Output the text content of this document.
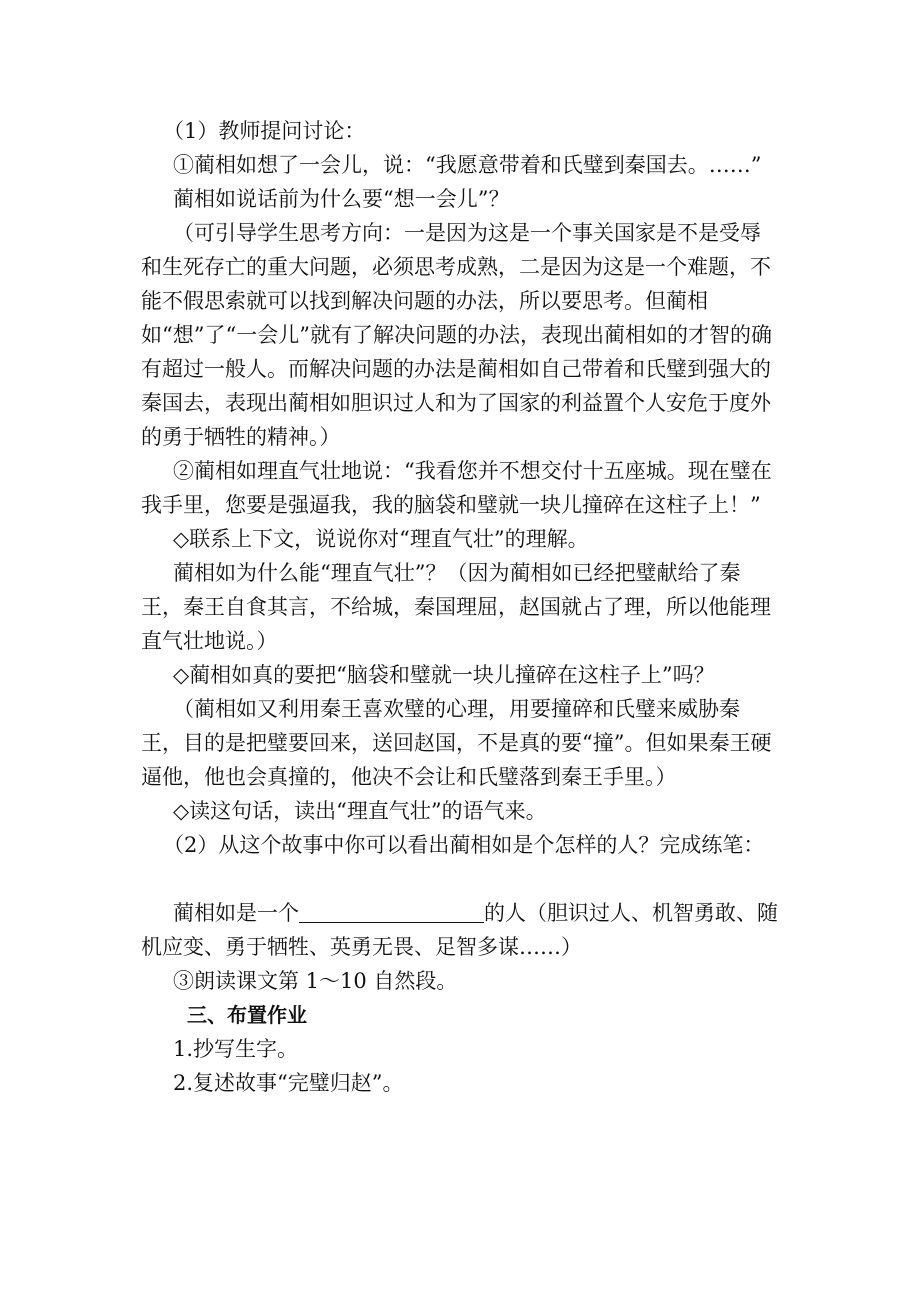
（1）教师提问讨论：

①蔺相如想了一会儿，说：“我愿意带着和氏璧到秦国去。……”

蔺相如说话前为什么要“想一会儿”？

（可引导学生思考方向：一是因为这是一个事关国家是不是受辱和生死存亡的重大问题，必须思考成熟，二是因为这是一个难题，不能不假思索就可以找到解决问题的办法，所以要思考。但蔺相如“想”了“一会儿”就有了解决问题的办法，表现出蔺相如的才智的确有超过一般人。而解决问题的办法是蔺相如自己带着和氏璧到强大的秦国去，表现出蔺相如胆识过人和为了国家的利益置个人安危于度外的勇于牺牲的精神。）

②蔺相如理直气壮地说：“我看您并不想交付十五座城。现在璧在我手里，您要是强逼我，我的脑袋和璧就一块儿撞碎在这柱子上！”

◇联系上下文，说说你对“理直气壮”的理解。

蔺相如为什么能“理直气壮”？（因为蔺相如已经把璧献给了秦王，秦王自食其言，不给城，秦国理屈，赵国就占了理，所以他能理直气壮地说。）

◇蔺相如真的要把“脑袋和璧就一块儿撞碎在这柱子上”吗？

（蔺相如又利用秦王喜欢璧的心理，用要撞碎和氏璧来威胁秦王，目的是把璧要回来，送回赵国，不是真的要“撞”。但如果秦王硬逼他，他也会真撞的，他决不会让和氏璧落到秦王手里。）

◇读这句话，读出“理直气壮”的语气来。

（2）从这个故事中你可以看出蔺相如是个怎样的人？完成练笔：

蔺相如是一个	的人（胆识过人、机智勇敢、随机应变、勇于牺牲、英勇无畏、足智多谋……）

③朗读课文第 1～10 自然段。

三、布置作业

1.抄写生字。

2.复述故事“完璧归赵”。
